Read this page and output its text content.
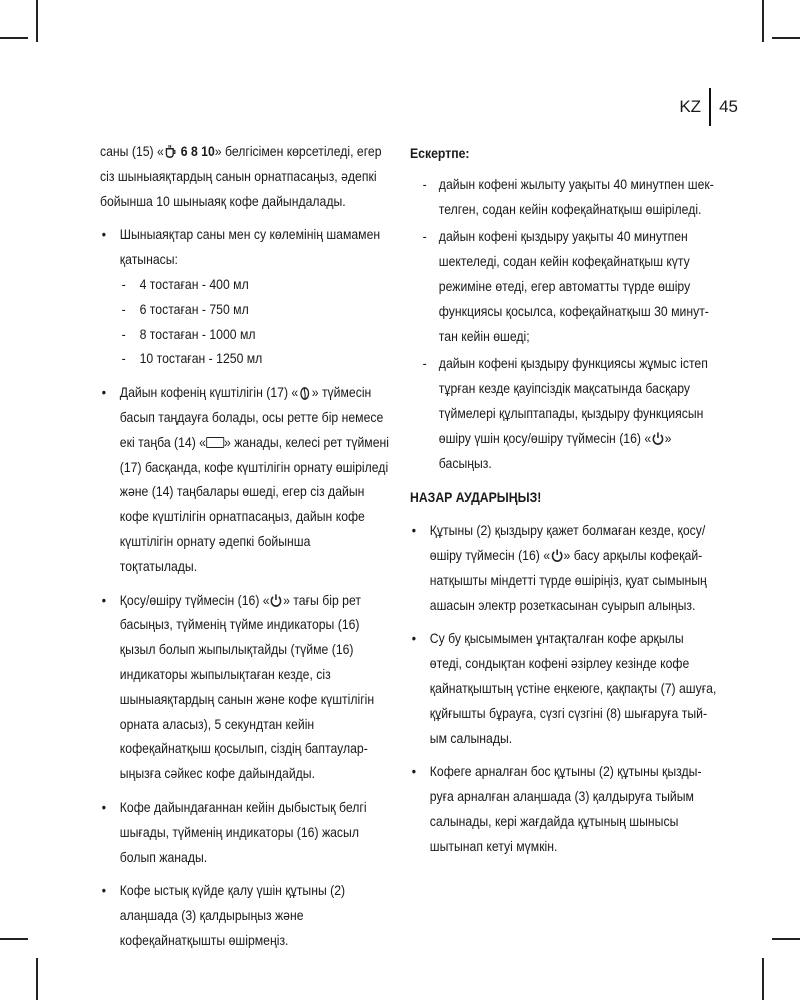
KZ	45

саны (15) « 6 8 10» белгісімен көрсетіледі, егер сіз шыныаяқтардың санын орнатпасаңыз, әдепкі бойынша 10 шыныаяқ кофе дайындалады.

• Шыныаяқтар саны мен су көлемінің шамамен қатынасы:
- 4 тостаған - 400 мл
- 6 тостаған - 750 мл
- 8 тостаған - 1000 мл
- 10 тостаған - 1250 мл
• Дайын кофенің күштілігін (17) « » түймесін басып таңдауға болады, осы ретте бір немесе екі таңба (14) « » жанады, келесі рет түймені (17) басқанда, кофе күштілігін орнату өшіріледі және (14) таңбалары өшеді, егер сіз дайын кофе күштілігін орнатпасаңыз, дайын кофе күштілігін орнату әдепкі бойынша тоқтатылады.
• Қосу/өшіру түймесін (16) « » тағы бір рет басыңыз, түйменің түйме индикаторы (16) қызыл болып жыпылықтайды (түйме (16) индикаторы жыпылықтаған кезде, сіз шыныаяқтардың санын және кофе күштілігін орната аласыз), 5 секундтан кейін кофеқайнатқыш қосылып, сіздің баптауларыңызға сәйкес кофе дайындайды.
• Кофе дайындағаннан кейін дыбыстық белгі шығады, түйменің индикаторы (16) жасыл болып жанады.
• Кофе ыстық күйде қалу үшін құтыны (2) алаңшада (3) қалдырыңыз және кофеқайнатқышты өшірмеңіз.

Ескертпе:

- дайын кофені жылыту уақыты 40 минутпен шектелген, содан кейін кофеқайнатқыш өшіріледі.
- дайын кофені қыздыру уақыты 40 минутпен шектеледі, содан кейін кофеқайнатқыш күту режиміне өтеді, егер автоматты түрде өшіру функциясы қосылса, кофеқайнатқыш 30 минуттан кейін өшеді;
- дайын кофені қыздыру функциясы жұмыс істеп тұрған кезде қауіпсіздік мақсатында басқару түймелері құлыптапады, қыздыру функциясын өшіру үшін қосу/өшіру түймесін (16) « » басыңыз.

НАЗАР АУДАРЫҢЫЗ!

• Құтыны (2) қыздыру қажет болмаған кезде, қосу/өшіру түймесін (16) « » басу арқылы кофеқайнатқышты міндетті түрде өшіріңіз, қуат сымының ашасын электр розеткасынан суырып алыңыз.
• Су бу қысымымен ұнтақталған кофе арқылы өтеді, сондықтан кофені әзірлеу кезінде кофе қайнатқыштың үстіне еңкеюге, қақпақты (7) ашуға, құйғышты бұрауға, сүзгі сүзгіні (8) шығаруға тыйым салынады.
• Кофеге арналған бос құтыны (2) құтыны қыздыруға арналған алаңшада (3) қалдыруға тыйым салынады, кері жағдайда құтының шынысы шытынап кетуі мүмкін.
